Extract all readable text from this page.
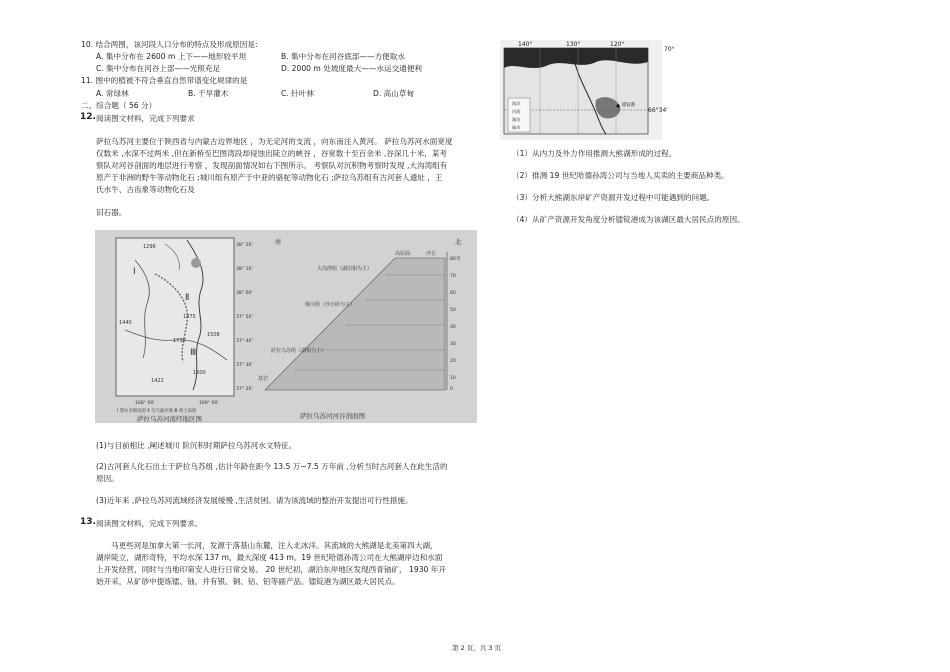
10. 结合两图，该河段人口分布的特点及形成原因是:
A. 集中分布在 2600 m 上下——地形较平坦	B. 集中分布在河谷底部——方便取水
C. 集中分布在河谷上部——光照充足	D. 2000 m 处坡度最大——水运交通便利
11. 图中的植被不符合垂直自然带谱变化规律的是
A. 常绿林	B. 干旱灌木	C. 针叶林	D. 高山草甸
二、综合题（ 56 分）
12. 阅读图文材料，完成下列要求
萨拉乌苏河主要位于陕西省与内蒙古边界地区 ，为无定河的支流 ，向东南注入黄河。 萨拉乌苏河水面宽度
仅数米 ,水深不过两米 ,但在新桥至巴图湾段却侵蚀出陡立的峡谷 ，谷宽数十至百余米 ,谷深几十米，某考
察队对河谷剖面的地层进行考察 ，发现剖面情况如右下图所示。 考察队对沉积物考察时发现 ,大沟湾组有
原产于非洲的野牛等动物化石 ;城川组有原产于中亚的骆驼等动物化石 ;萨拉乌苏组有古河套人遗址 ，王
氏水牛、古齿象等动物化石及
旧石器。
Ⅰ
Ⅱ
Ⅲ
1296
1440
1475
1730
1508
1600
1422
38° 20'
38° 10'
38° 00'
37° 50'
37° 40'
37° 30'
37° 20'
108° 00'	109° 00'
Ⅰ 鄂尔多斯高原 Ⅱ 毛乌素沙地 Ⅲ 黄土高原
萨拉乌苏河流经地区图
南	北
80米
70
60
50
40
30
20
10
0
高原面	沙丘
大沟湾组（湖沼相为主）
城川组（沙丘砂为主）
萨拉乌苏组（湖相为主）
基岩
萨拉乌苏河河谷剖面图
(1)与目前相比 ,阐述城川 阶沉积时期萨拉乌苏河水文特征。
(2)古河套人化石出土于萨拉乌苏组 ,估计年龄在距今 13.5 万~7.5 万年前 ,分析当时古河套人在此生活的
原因。
(3)近年来 ,萨拉乌苏河流域经济发展缓慢 ,生活贫困。请为该流域的整治开发提出可行性措施。
13. 阅读图文材料，完成下列要求。
马更些河是加拿大第一长河，发源于落基山东麓，注入北冰洋。其流域的大熊湖是北美第四大湖，
湖岸陡立，湖形奇特，平均水深 137 m，最大深度 413 m。19 世纪哈德孙湾公司在大熊湖岸边和水面
上开发经营，同时与当地印第安人进行日常交易。 20 世纪初，湖泊东岸地区发现西青铀矿， 1930 年开
始开采，从矿砂中提炼镭、铀，并有银、铜、钴、铅等副产品。镭锭港为湖区最大居民点。
海洋
河流
湖泊
城市
镭锭港
140°	130°	120°
70°
66°34'
（1）从内力及外力作用推测大熊湖形成的过程。
（2）推测 19 世纪哈德孙湾公司与当地人买卖的主要商品种类。
（3）分析大熊湖东岸矿产资源开发过程中可能遇到的问题。
（4）从矿产资源开发角度分析镭锭港成为该湖区最大居民点的原因。
第 2 页，共 3 页
